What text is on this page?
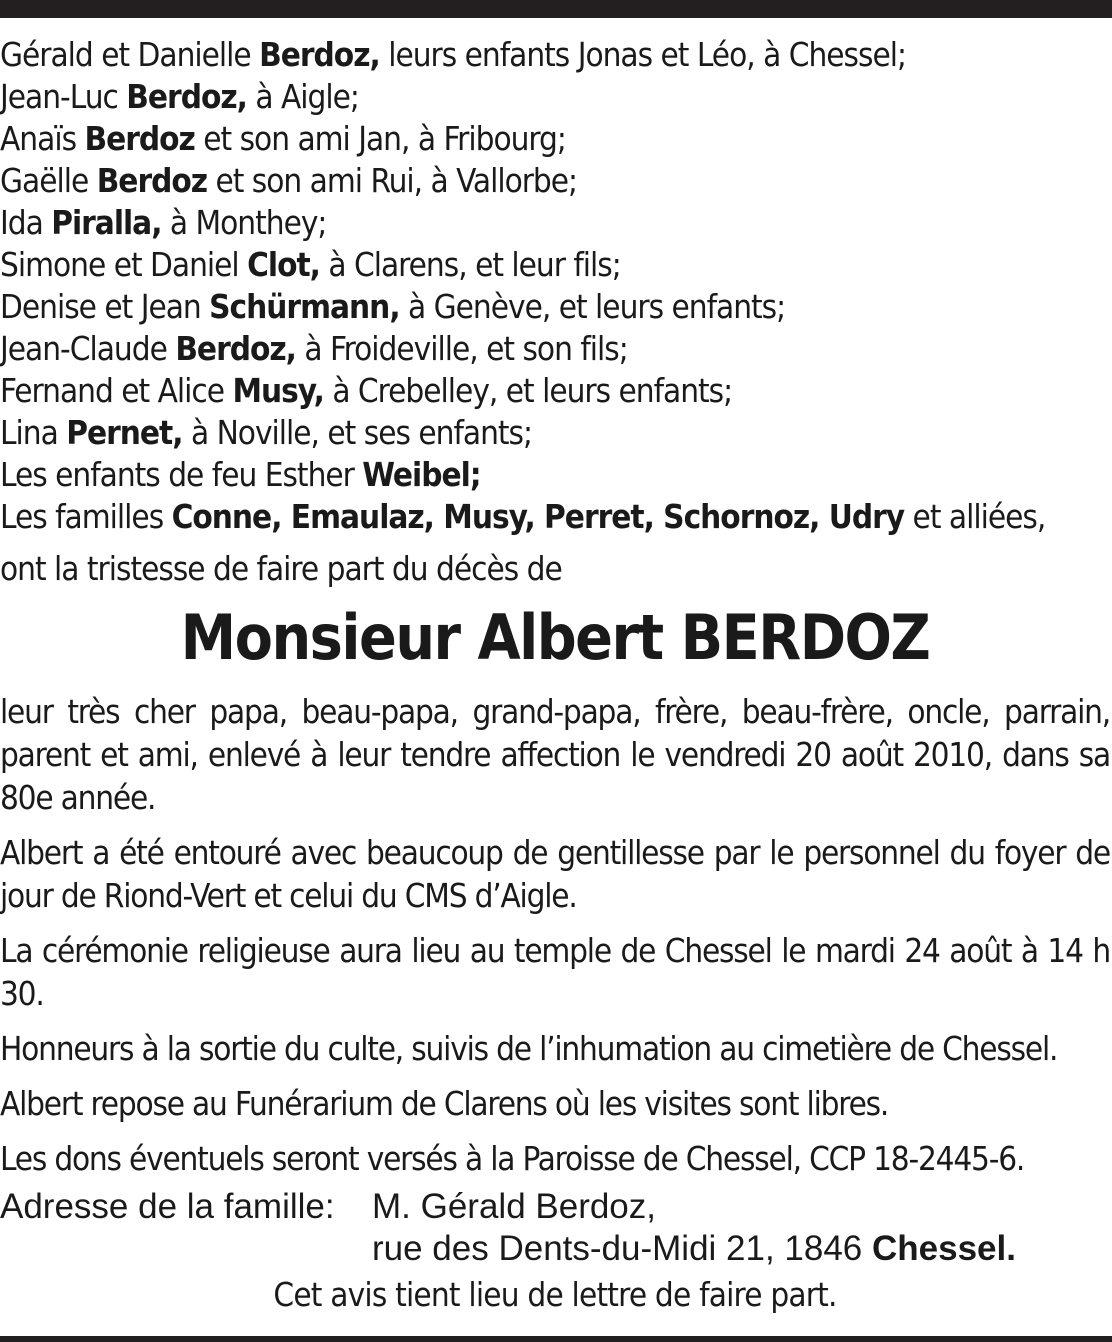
Gérald et Danielle Berdoz, leurs enfants Jonas et Léo, à Chessel;
Jean-Luc Berdoz, à Aigle;
Anaïs Berdoz et son ami Jan, à Fribourg;
Gaëlle Berdoz et son ami Rui, à Vallorbe;
Ida Piralla, à Monthey;
Simone et Daniel Clot, à Clarens, et leur fils;
Denise et Jean Schürmann, à Genève, et leurs enfants;
Jean-Claude Berdoz, à Froideville, et son fils;
Fernand et Alice Musy, à Crebelley, et leurs enfants;
Lina Pernet, à Noville, et ses enfants;
Les enfants de feu Esther Weibel;
Les familles Conne, Emaulaz, Musy, Perret, Schornoz, Udry et alliées,
ont la tristesse de faire part du décès de
Monsieur Albert BERDOZ
leur très cher papa, beau-papa, grand-papa, frère, beau-frère, oncle, parrain, parent et ami, enlevé à leur tendre affection le vendredi 20 août 2010, dans sa 80e année.
Albert a été entouré avec beaucoup de gentillesse par le personnel du foyer de jour de Riond-Vert et celui du CMS d’Aigle.
La cérémonie religieuse aura lieu au temple de Chessel le mardi 24 août à 14 h 30.
Honneurs à la sortie du culte, suivis de l’inhumation au cimetière de Chessel.
Albert repose au Funérarium de Clarens où les visites sont libres.
Les dons éventuels seront versés à la Paroisse de Chessel, CCP 18-2445-6.
Adresse de la famille: M. Gérald Berdoz,
rue des Dents-du-Midi 21, 1846 Chessel.
Cet avis tient lieu de lettre de faire part.
